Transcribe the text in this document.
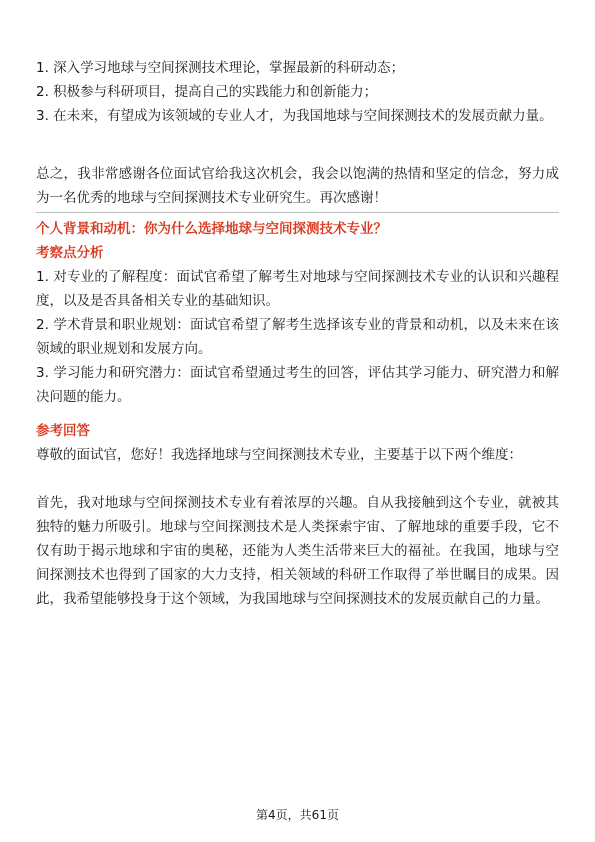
1. 深入学习地球与空间探测技术理论，掌握最新的科研动态；

2. 积极参与科研项目，提高自己的实践能力和创新能力；

3. 在未来，有望成为该领域的专业人才，为我国地球与空间探测技术的发展贡献力量。

总之，我非常感谢各位面试官给我这次机会，我会以饱满的热情和坚定的信念，努力成为一名优秀的地球与空间探测技术专业研究生。再次感谢！

个人背景和动机：你为什么选择地球与空间探测技术专业？

考察点分析

1. 对专业的了解程度：面试官希望了解考生对地球与空间探测技术专业的认识和兴趣程度，以及是否具备相关专业的基础知识。

2. 学术背景和职业规划：面试官希望了解考生选择该专业的背景和动机，以及未来在该领域的职业规划和发展方向。

3. 学习能力和研究潜力：面试官希望通过考生的回答，评估其学习能力、研究潜力和解决问题的能力。

参考回答

尊敬的面试官，您好！我选择地球与空间探测技术专业，主要基于以下两个维度：

首先，我对地球与空间探测技术专业有着浓厚的兴趣。自从我接触到这个专业，就被其独特的魅力所吸引。地球与空间探测技术是人类探索宇宙、了解地球的重要手段，它不仅有助于揭示地球和宇宙的奥秘，还能为人类生活带来巨大的福祉。在我国，地球与空间探测技术也得到了国家的大力支持，相关领域的科研工作取得了举世瞩目的成果。因此，我希望能够投身于这个领域，为我国地球与空间探测技术的发展贡献自己的力量。

第4页，共61页
